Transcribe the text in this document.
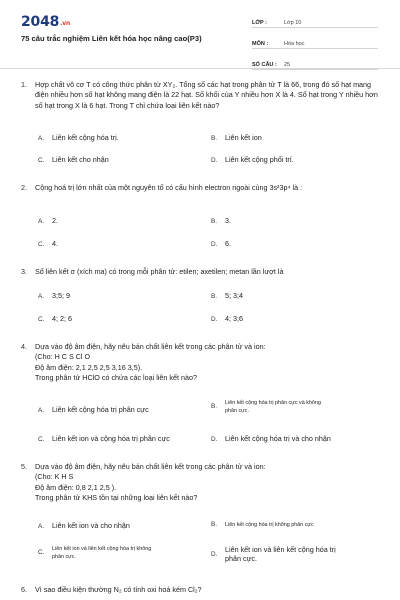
$2048_{.vn}$
75 câu trắc nghiệm Liên kết hóa học nâng cao(P3)
LỚP :	Lớp 10
MÔN :	Hóa học
SỐ CÂU :	25
1.	Hợp chất vô cơ T có công thức phân tử XY₂. Tổng số các hạt trong phân tử T là 66, trong đó số hạt mang điện nhiều hơn số hạt không mang điện là 22 hạt. Số khối của Y nhiều hơn X là 4. Số hạt trong Y nhiều hơn số hạt trong X là 6 hạt. Trong T chỉ chứa loại liên kết nào?
A. Liên kết cộng hóa trị.	B. Liên kết ion
C. Liên kết cho nhận	D. Liên kết cộng phối trí.
2.	Cộng hoá trị lớn nhất của một nguyên tố có cấu hình electron ngoài cùng 3s²3p⁴ là :
A. 2.	B. 3.
C. 4.	D. 6.
3.	Số liên kết σ (xích ma) có trong mỗi phân tử: etilen; axetilen; metan lần lượt là
A. 3;5; 9	B. 5; 3;4
C. 4; 2; 6	D. 4; 3;6
4.	Dựa vào độ âm điện, hãy nêu bản chất liên kết trong các phân tử và ion:
(Cho: H C S Cl O
Độ âm điện: 2,1 2,5 2,5 3,16 3,5).
Trong phân tử HClO có chứa các loại liên kết nào?
A. Liên kết cộng hóa trị phân cực	B.	Liên kết cộng hóa trị phân cực và không
phân cực.
C. Liên kết ion và cộng hóa trị phân cực	D. Liên kết cộng hóa trị và cho nhận
5.	Dựa vào độ âm điện, hãy nêu bản chất liên kết trong các phân tử và ion:
(Cho: K H S
Độ âm điện: 0,8 2,1 2,5 ).
Trong phân tử KHS tồn tại những loại liên kết nào?
A. Liên kết ion và cho nhận	B. Liên kết cộng hóa trị không phân cực
C.	Liên kết ion và liên kết cộng hóa trị không
phân cực.	D.	Liên kết ion và liên kết cộng hóa trị
phân cực.
6.	Vì sao điều kiện thường N₂ có tính oxi hoá kém Cl₂?
